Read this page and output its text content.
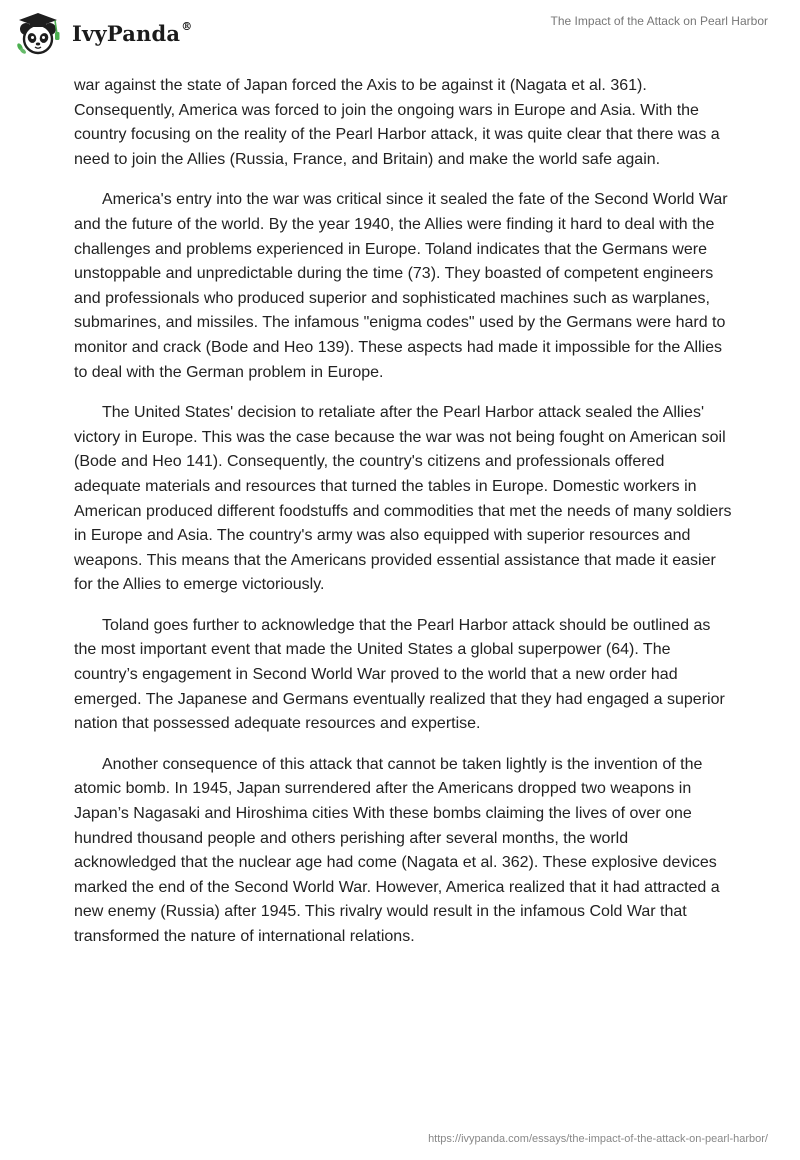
IvyPanda®	The Impact of the Attack on Pearl Harbor

war against the state of Japan forced the Axis to be against it (Nagata et al. 361). Consequently, America was forced to join the ongoing wars in Europe and Asia. With the country focusing on the reality of the Pearl Harbor attack, it was quite clear that there was a need to join the Allies (Russia, France, and Britain) and make the world safe again.

America's entry into the war was critical since it sealed the fate of the Second World War and the future of the world. By the year 1940, the Allies were finding it hard to deal with the challenges and problems experienced in Europe. Toland indicates that the Germans were unstoppable and unpredictable during the time (73). They boasted of competent engineers and professionals who produced superior and sophisticated machines such as warplanes, submarines, and missiles. The infamous "enigma codes" used by the Germans were hard to monitor and crack (Bode and Heo 139). These aspects had made it impossible for the Allies to deal with the German problem in Europe.

The United States' decision to retaliate after the Pearl Harbor attack sealed the Allies' victory in Europe. This was the case because the war was not being fought on American soil (Bode and Heo 141). Consequently, the country's citizens and professionals offered adequate materials and resources that turned the tables in Europe. Domestic workers in American produced different foodstuffs and commodities that met the needs of many soldiers in Europe and Asia. The country's army was also equipped with superior resources and weapons. This means that the Americans provided essential assistance that made it easier for the Allies to emerge victoriously.

Toland goes further to acknowledge that the Pearl Harbor attack should be outlined as the most important event that made the United States a global superpower (64). The country’s engagement in Second World War proved to the world that a new order had emerged. The Japanese and Germans eventually realized that they had engaged a superior nation that possessed adequate resources and expertise.

Another consequence of this attack that cannot be taken lightly is the invention of the atomic bomb. In 1945, Japan surrendered after the Americans dropped two weapons in Japan’s Nagasaki and Hiroshima cities With these bombs claiming the lives of over one hundred thousand people and others perishing after several months, the world acknowledged that the nuclear age had come (Nagata et al. 362). These explosive devices marked the end of the Second World War. However, America realized that it had attracted a new enemy (Russia) after 1945. This rivalry would result in the infamous Cold War that transformed the nature of international relations.

https://ivypanda.com/essays/the-impact-of-the-attack-on-pearl-harbor/
